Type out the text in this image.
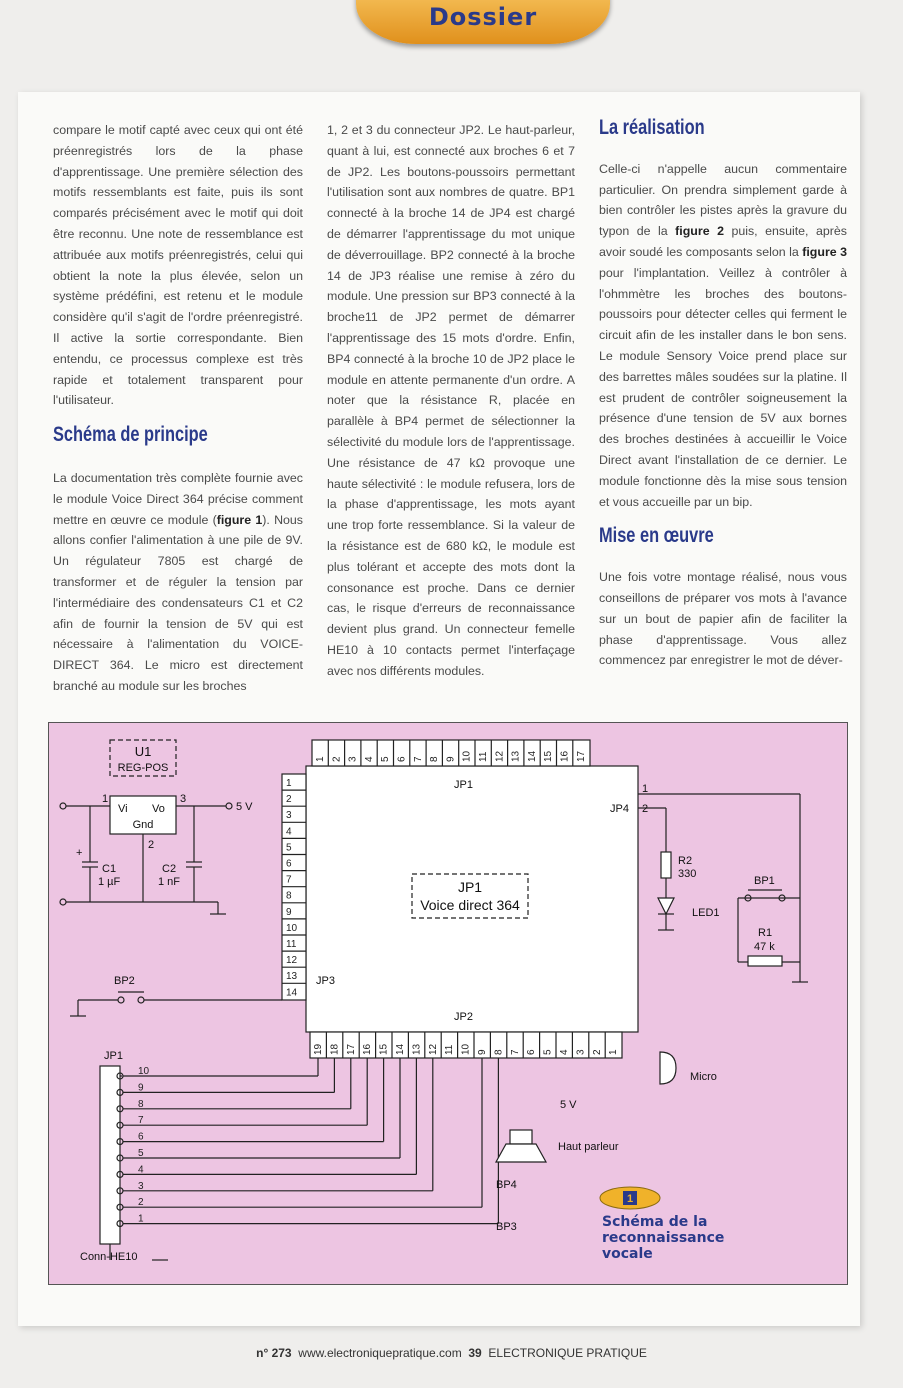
Dossier

compare le motif capté avec ceux qui ont été préenregistrés lors de la phase d'apprentissage. Une première sélection des motifs ressemblants est faite, puis ils sont comparés précisément avec le motif qui doit être reconnu. Une note de ressemblance est attribuée aux motifs préenregistrés, celui qui obtient la note la plus élevée, selon un système prédéfini, est retenu et le module considère qu'il s'agit de l'ordre préenregistré. Il active la sortie correspondante. Bien entendu, ce processus complexe est très rapide et totalement transparent pour l'utilisateur.

Schéma de principe

La documentation très complète fournie avec le module Voice Direct 364 précise comment mettre en œuvre ce module (figure 1). Nous allons confier l'alimentation à une pile de 9V. Un régulateur 7805 est chargé de transformer et de réguler la tension par l'intermédiaire des condensateurs C1 et C2 afin de fournir la tension de 5V qui est nécessaire à l'alimentation du VOICE-DIRECT 364. Le micro est directement branché au module sur les broches

1, 2 et 3 du connecteur JP2. Le haut-parleur, quant à lui, est connecté aux broches 6 et 7 de JP2. Les boutons-poussoirs permettant l'utilisation sont aux nombres de quatre. BP1 connecté à la broche 14 de JP4 est chargé de démarrer l'apprentissage du mot unique de déverrouillage. BP2 connecté à la broche 14 de JP3 réalise une remise à zéro du module. Une pression sur BP3 connecté à la broche11 de JP2 permet de démarrer l'apprentissage des 15 mots d'ordre. Enfin, BP4 connecté à la broche 10 de JP2 place le module en attente permanente d'un ordre. A noter que la résistance R, placée en parallèle à BP4 permet de sélectionner la sélectivité du module lors de l'apprentissage. Une résistance de 47 kΩ provoque une haute sélectivité : le module refusera, lors de la phase d'apprentissage, les mots ayant une trop forte ressemblance. Si la valeur de la résistance est de 680 kΩ, le module est plus tolérant et accepte des mots dont la consonance est proche. Dans ce dernier cas, le risque d'erreurs de reconnaissance devient plus grand. Un connecteur femelle HE10 à 10 contacts permet l'interfaçage avec nos différents modules.

La réalisation

Celle-ci n'appelle aucun commentaire particulier. On prendra simplement garde à bien contrôler les pistes après la gravure du typon de la figure 2 puis, ensuite, après avoir soudé les composants selon la figure 3 pour l'implantation. Veillez à contrôler à l'ohmmètre les broches des boutons-poussoirs pour détecter celles qui ferment le circuit afin de les installer dans le bon sens. Le module Sensory Voice prend place sur des barrettes mâles soudées sur la platine. Il est prudent de contrôler soigneusement la présence d'une tension de 5V aux bornes des broches destinées à accueillir le Voice Direct avant l'installation de ce dernier. Le module fonctionne dès la mise sous tension et vous accueille par un bip.

Mise en œuvre

Une fois votre montage réalisé, nous vous conseillons de préparer vos mots à l'avance sur un bout de papier afin de faciliter la phase d'apprentissage. Vous allez commencez par enregistrer le mot de déver-

1 2 3 4 5 6 7 8 9 10 11 12 13 14 15 16 17
1
2
3
4
5
6
7
8
9
10
11
12
13
14
19 18 17 16 15 14 13 12 11 10 9 8 7 6 5 4 3 2 1
10
9
8
7
6
5
4
3
2
1
U1
REG-POS
Vi Vo
Gnd
1
2
3
5 V
+
C1
1 µF
C2
1 nF
JP1
JP2
JP3
JP4
JP1
Voice direct 364
1
2
R2
330
LED1
BP1
R1
47 k
BP2
BP4
BP3
Micro
Haut parleur
5 V
JP1
Conn-HE10
1
Schéma de la
reconnaissance
vocale
n° 273 www.electroniquepratique.com 39 ELECTRONIQUE PRATIQUE
